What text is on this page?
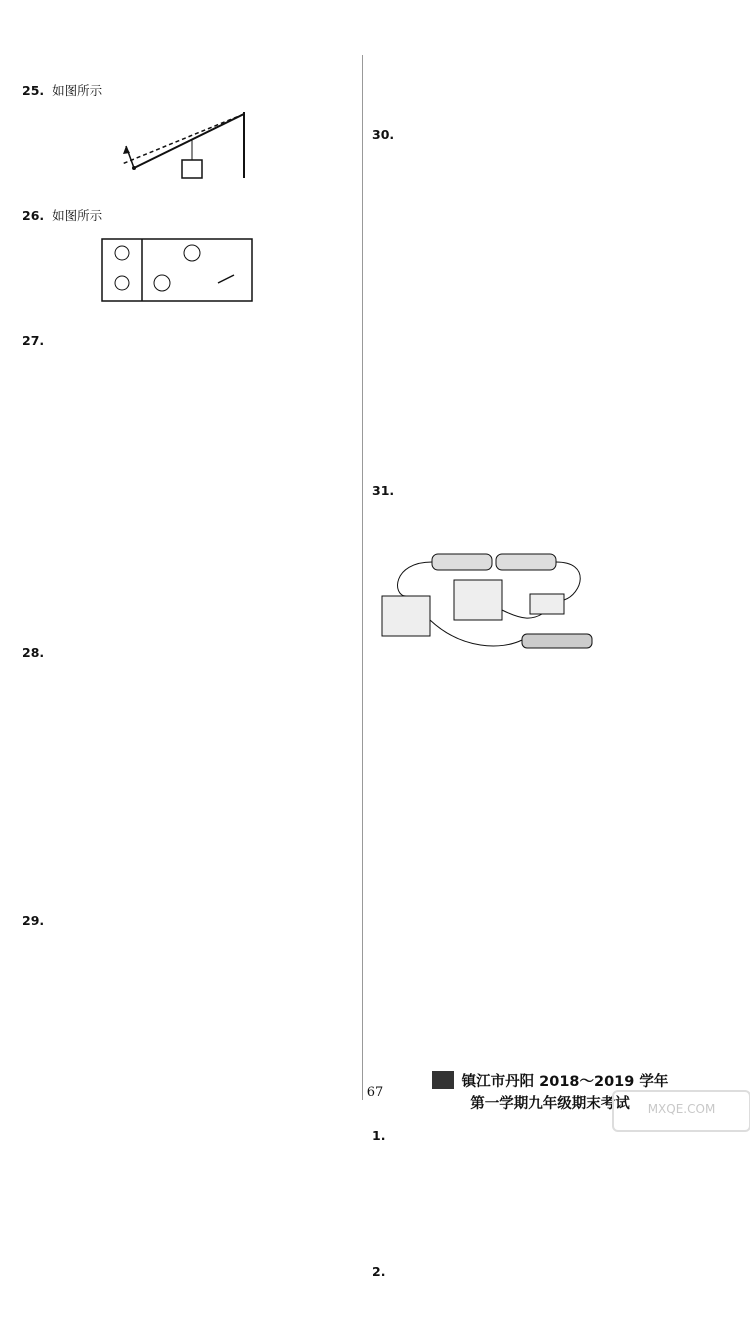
25. 如图所示
26. 如图所示
27.
28.
29.
30.
31.
镇江市丹阳 2018～2019 学年
第一学期九年级期末考试
1.
2.
67
MXQE.COM
